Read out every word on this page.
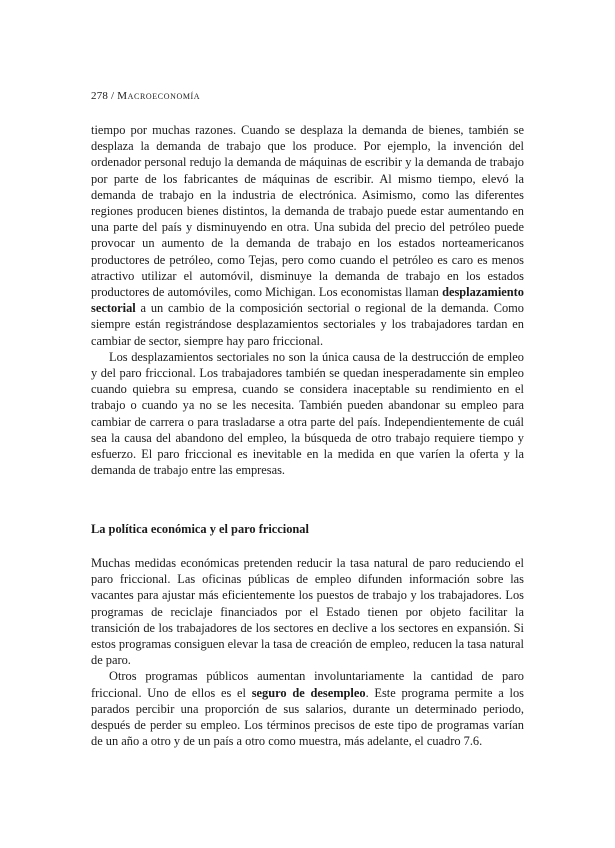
278 / Macroeconomía

tiempo por muchas razones. Cuando se desplaza la demanda de bienes, también se desplaza la demanda de trabajo que los produce. Por ejemplo, la invención del ordenador personal redujo la demanda de máquinas de escribir y la demanda de trabajo por parte de los fabricantes de máquinas de escribir. Al mismo tiempo, elevó la demanda de trabajo en la industria de electrónica. Asimismo, como las diferentes regiones producen bienes distintos, la demanda de trabajo puede estar aumentando en una parte del país y disminuyendo en otra. Una subida del precio del petróleo puede provocar un aumento de la demanda de trabajo en los estados norteamericanos productores de petróleo, como Tejas, pero como cuando el petróleo es caro es menos atractivo utilizar el automóvil, disminuye la demanda de trabajo en los estados productores de automóviles, como Michigan. Los economistas llaman desplazamiento sectorial a un cambio de la composición sectorial o regional de la demanda. Como siempre están registrándose desplazamientos sectoriales y los trabajadores tardan en cambiar de sector, siempre hay paro friccional.

Los desplazamientos sectoriales no son la única causa de la destrucción de empleo y del paro friccional. Los trabajadores también se quedan inesperadamente sin empleo cuando quiebra su empresa, cuando se considera inaceptable su rendimiento en el trabajo o cuando ya no se les necesita. También pueden abandonar su empleo para cambiar de carrera o para trasladarse a otra parte del país. Independientemente de cuál sea la causa del abandono del empleo, la búsqueda de otro trabajo requiere tiempo y esfuerzo. El paro friccional es inevitable en la medida en que varíen la oferta y la demanda de trabajo entre las empresas.

La política económica y el paro friccional

Muchas medidas económicas pretenden reducir la tasa natural de paro reduciendo el paro friccional. Las oficinas públicas de empleo difunden información sobre las vacantes para ajustar más eficientemente los puestos de trabajo y los trabajadores. Los programas de reciclaje financiados por el Estado tienen por objeto facilitar la transición de los trabajadores de los sectores en declive a los sectores en expansión. Si estos programas consiguen elevar la tasa de creación de empleo, reducen la tasa natural de paro.

Otros programas públicos aumentan involuntariamente la cantidad de paro friccional. Uno de ellos es el seguro de desempleo. Este programa permite a los parados percibir una proporción de sus salarios, durante un determinado periodo, después de perder su empleo. Los términos precisos de este tipo de programas varían de un año a otro y de un país a otro como muestra, más adelante, el cuadro 7.6.
